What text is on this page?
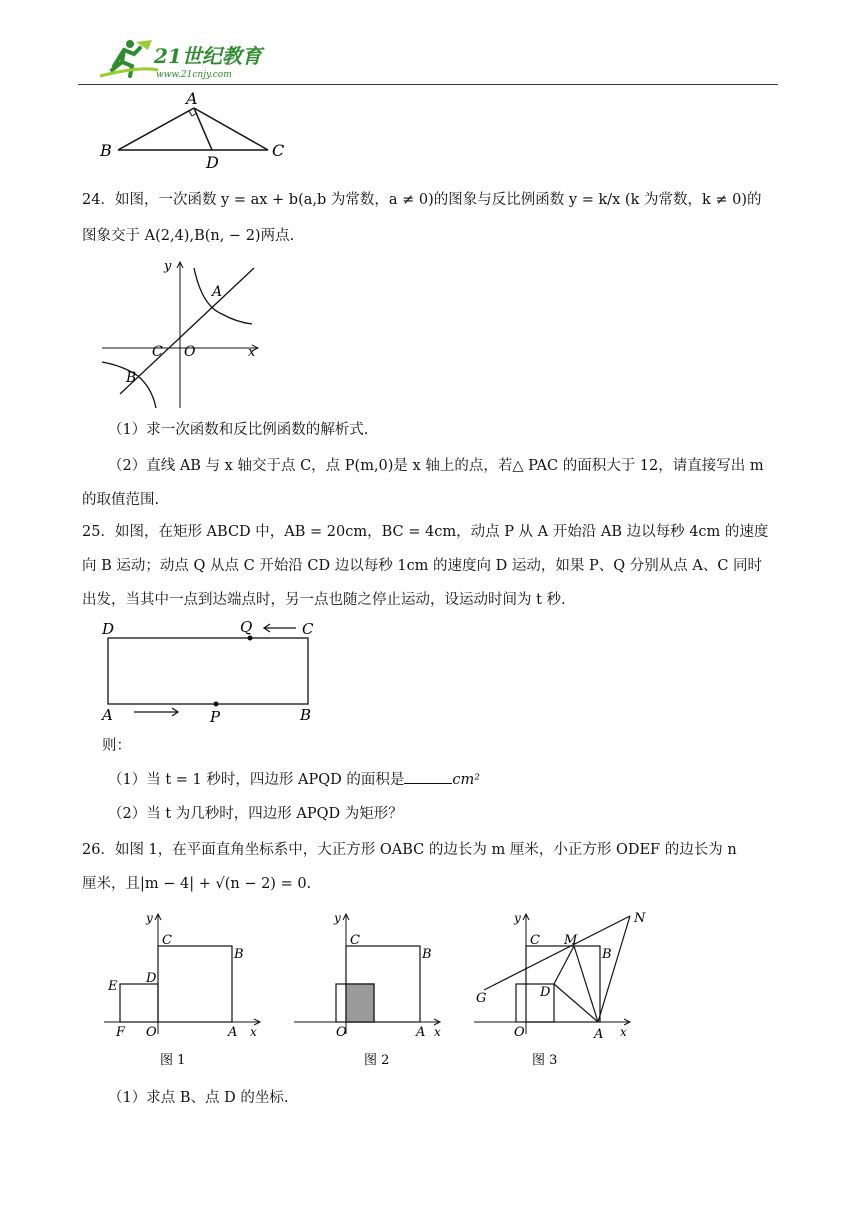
21世纪教育
www.21cnjy.com
A
B
D
C
24．如图，一次函数 y = ax + b(a,b 为常数，a ≠ 0)的图象与反比例函数 y = k/x (k 为常数，k ≠ 0)的
图象交于 A(2,4),B(n, − 2)两点.
y
A
C O	x
B
（1）求一次函数和反比例函数的解析式.
（2）直线 AB 与 x 轴交于点 C，点 P(m,0)是 x 轴上的点，若△ PAC 的面积大于 12，请直接写出 m
的取值范围.
25．如图，在矩形 ABCD 中，AB = 20cm，BC = 4cm，动点 P 从 A 开始沿 AB 边以每秒 4cm 的速度
向 B 运动；动点 Q 从点 C 开始沿 CD 边以每秒 1cm 的速度向 D 运动，如果 P、Q 分别从点 A、C 同时
出发，当其中一点到达端点时，另一点也随之停止运动，设运动时间为 t 秒.
D	Q	C
A	P	B
则：
（1）当 t = 1 秒时，四边形 APQD 的面积是	cm²
（2）当 t 为几秒时，四边形 APQD 为矩形？
26．如图 1，在平面直角坐标系中，大正方形 OABC 的边长为 m 厘米，小正方形 ODEF 的边长为 n
厘米，且|m − 4| + √(n − 2) = 0.
y
C
B
D
E
F O	A x
图 1
y
C
B
O	A x
图 2
y
C M
N
B
D
G
O	A x
图 3
（1）求点 B、点 D 的坐标.
